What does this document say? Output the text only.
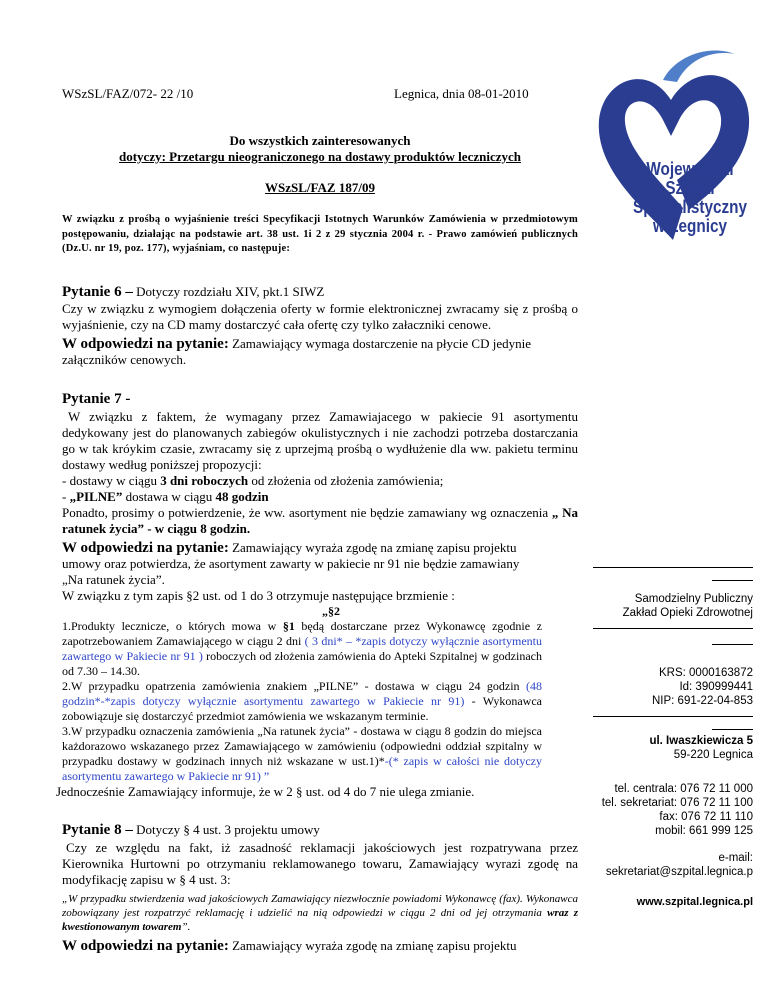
WSzSL/FAZ/072- 22 /10	Legnica, dnia 08-01-2010
Do wszystkich zainteresowanych
dotyczy: Przetargu nieograniczonego na dostawy produktów leczniczych
WSzSL/FAZ 187/09
W związku z prośbą o wyjaśnienie treści Specyfikacji Istotnych Warunków Zamówienia w przedmiotowym postępowaniu, działając na podstawie art. 38 ust. 1i 2 z 29 stycznia 2004 r. - Prawo zamówień publicznych (Dz.U. nr 19, poz. 177), wyjaśniam, co następuje:
Pytanie 6 – Dotyczy rozdziału XIV, pkt.1 SIWZ
Czy w związku z wymogiem dołączenia oferty w formie elektronicznej zwracamy się z prośbą o wyjaśnienie, czy na CD mamy dostarczyć cała ofertę czy tylko załaczniki cenowe.
W odpowiedzi na pytanie: Zamawiający wymaga dostarczenie na płycie CD jedynie załączników cenowych.
Pytanie 7 -
W związku z faktem, że wymagany przez Zamawiajacego w pakiecie 91 asortymentu dedykowany jest do planowanych zabiegów okulistycznych i nie zachodzi potrzeba dostarczania go w tak króykim czasie, zwracamy się z uprzejmą prośbą o wydłużenie dla ww. pakietu terminu dostawy według poniższej propozycji:
- dostawy w ciągu 3 dni roboczych od złożenia od złożenia zamówienia;
- „PILNE” dostawa w ciągu 48 godzin
Ponadto, prosimy o potwierdzenie, że ww. asortyment nie będzie zamawiany wg oznaczenia „ Na ratunek życia” - w ciągu 8 godzin.
W odpowiedzi na pytanie: Zamawiający wyraża zgodę na zmianę zapisu projektu umowy oraz potwierdza, że asortyment zawarty w pakiecie nr 91 nie będzie zamawiany „Na ratunek życia”.
W związku z tym zapis §2 ust. od 1 do 3 otrzymuje następujące brzmienie :
„§2
1.Produkty lecznicze, o których mowa w §1 będą dostarczane przez Wykonawcę zgodnie z zapotrzebowaniem Zamawiającego w ciągu 2 dni ( 3 dni* – *zapis dotyczy wyłącznie asortymentu zawartego w Pakiecie nr 91 ) roboczych od złożenia zamówienia do Apteki Szpitalnej w godzinach od 7.30 – 14.30.
2.W przypadku opatrzenia zamówienia znakiem „PILNE” - dostawa w ciągu 24 godzin (48 godzin*-*zapis dotyczy wyłącznie asortymentu zawartego w Pakiecie nr 91) - Wykonawca zobowiązuje się dostarczyć przedmiot zamówienia we wskazanym terminie.
3.W przypadku oznaczenia zamówienia „Na ratunek życia” - dostawa w ciągu 8 godzin do miejsca każdorazowo wskazanego przez Zamawiającego w zamówieniu (odpowiedni oddział szpitalny w przypadku dostawy w godzinach innych niż wskazane w ust.1)*-(* zapis w całości nie dotyczy asortymentu zawartego w Pakiecie nr 91) ”
Jednocześnie Zamawiający informuje, że w 2 § ust. od 4 do 7 nie ulega zmianie.
Pytanie 8 – Dotyczy § 4 ust. 3 projektu umowy
Czy ze względu na fakt, iż zasadność reklamacji jakościowych jest rozpatrywana przez Kierownika Hurtowni po otrzymaniu reklamowanego towaru, Zamawiający wyrazi zgodę na modyfikację zapisu w § 4 ust. 3:
„W przypadku stwierdzenia wad jakościowych Zamawiający niezwłocznie powiadomi Wykonawcę (fax). Wykonawca zobowiązany jest rozpatrzyć reklamację i udzielić na nią odpowiedzi w ciągu 2 dni od jej otrzymania wraz z kwestionowanym towarem”.
W odpowiedzi na pytanie: Zamawiający wyraża zgodę na zmianę zapisu projektu
Wojewódzki
Szpital
Specjalistyczny
w Legnicy
Samodzielny Publiczny
Zakład Opieki Zdrowotnej
KRS: 0000163872
Id: 390999441
NIP: 691-22-04-853
ul. Iwaszkiewicza 5
59-220 Legnica
tel. centrala: 076 72 11 000
tel. sekretariat: 076 72 11 100
fax: 076 72 11 110
mobil: 661 999 125
e-mail:
sekretariat@szpital.legnica.p
www.szpital.legnica.pl
